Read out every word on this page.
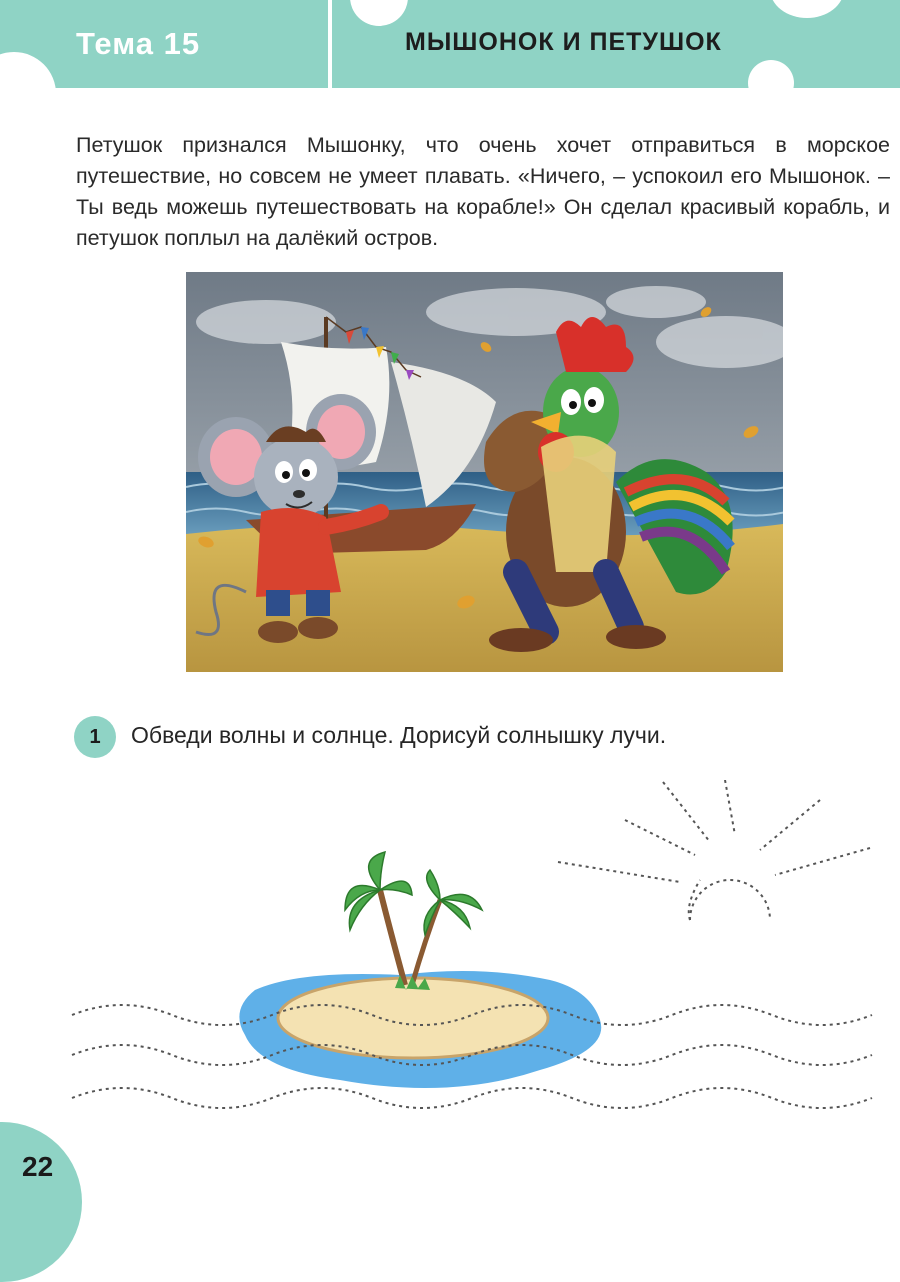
Тема 15	МЫШОНОК И ПЕТУШОК
Петушок признался Мышонку, что очень хочет отправиться в морское путешествие, но совсем не умеет плавать. «Ничего, – успокоил его Мышонок. – Ты ведь можешь путешествовать на корабле!» Он сделал красивый корабль, и петушок поплыл на далёкий остров.
1	Обведи волны и солнце. Дорисуй солнышку лучи.
22
